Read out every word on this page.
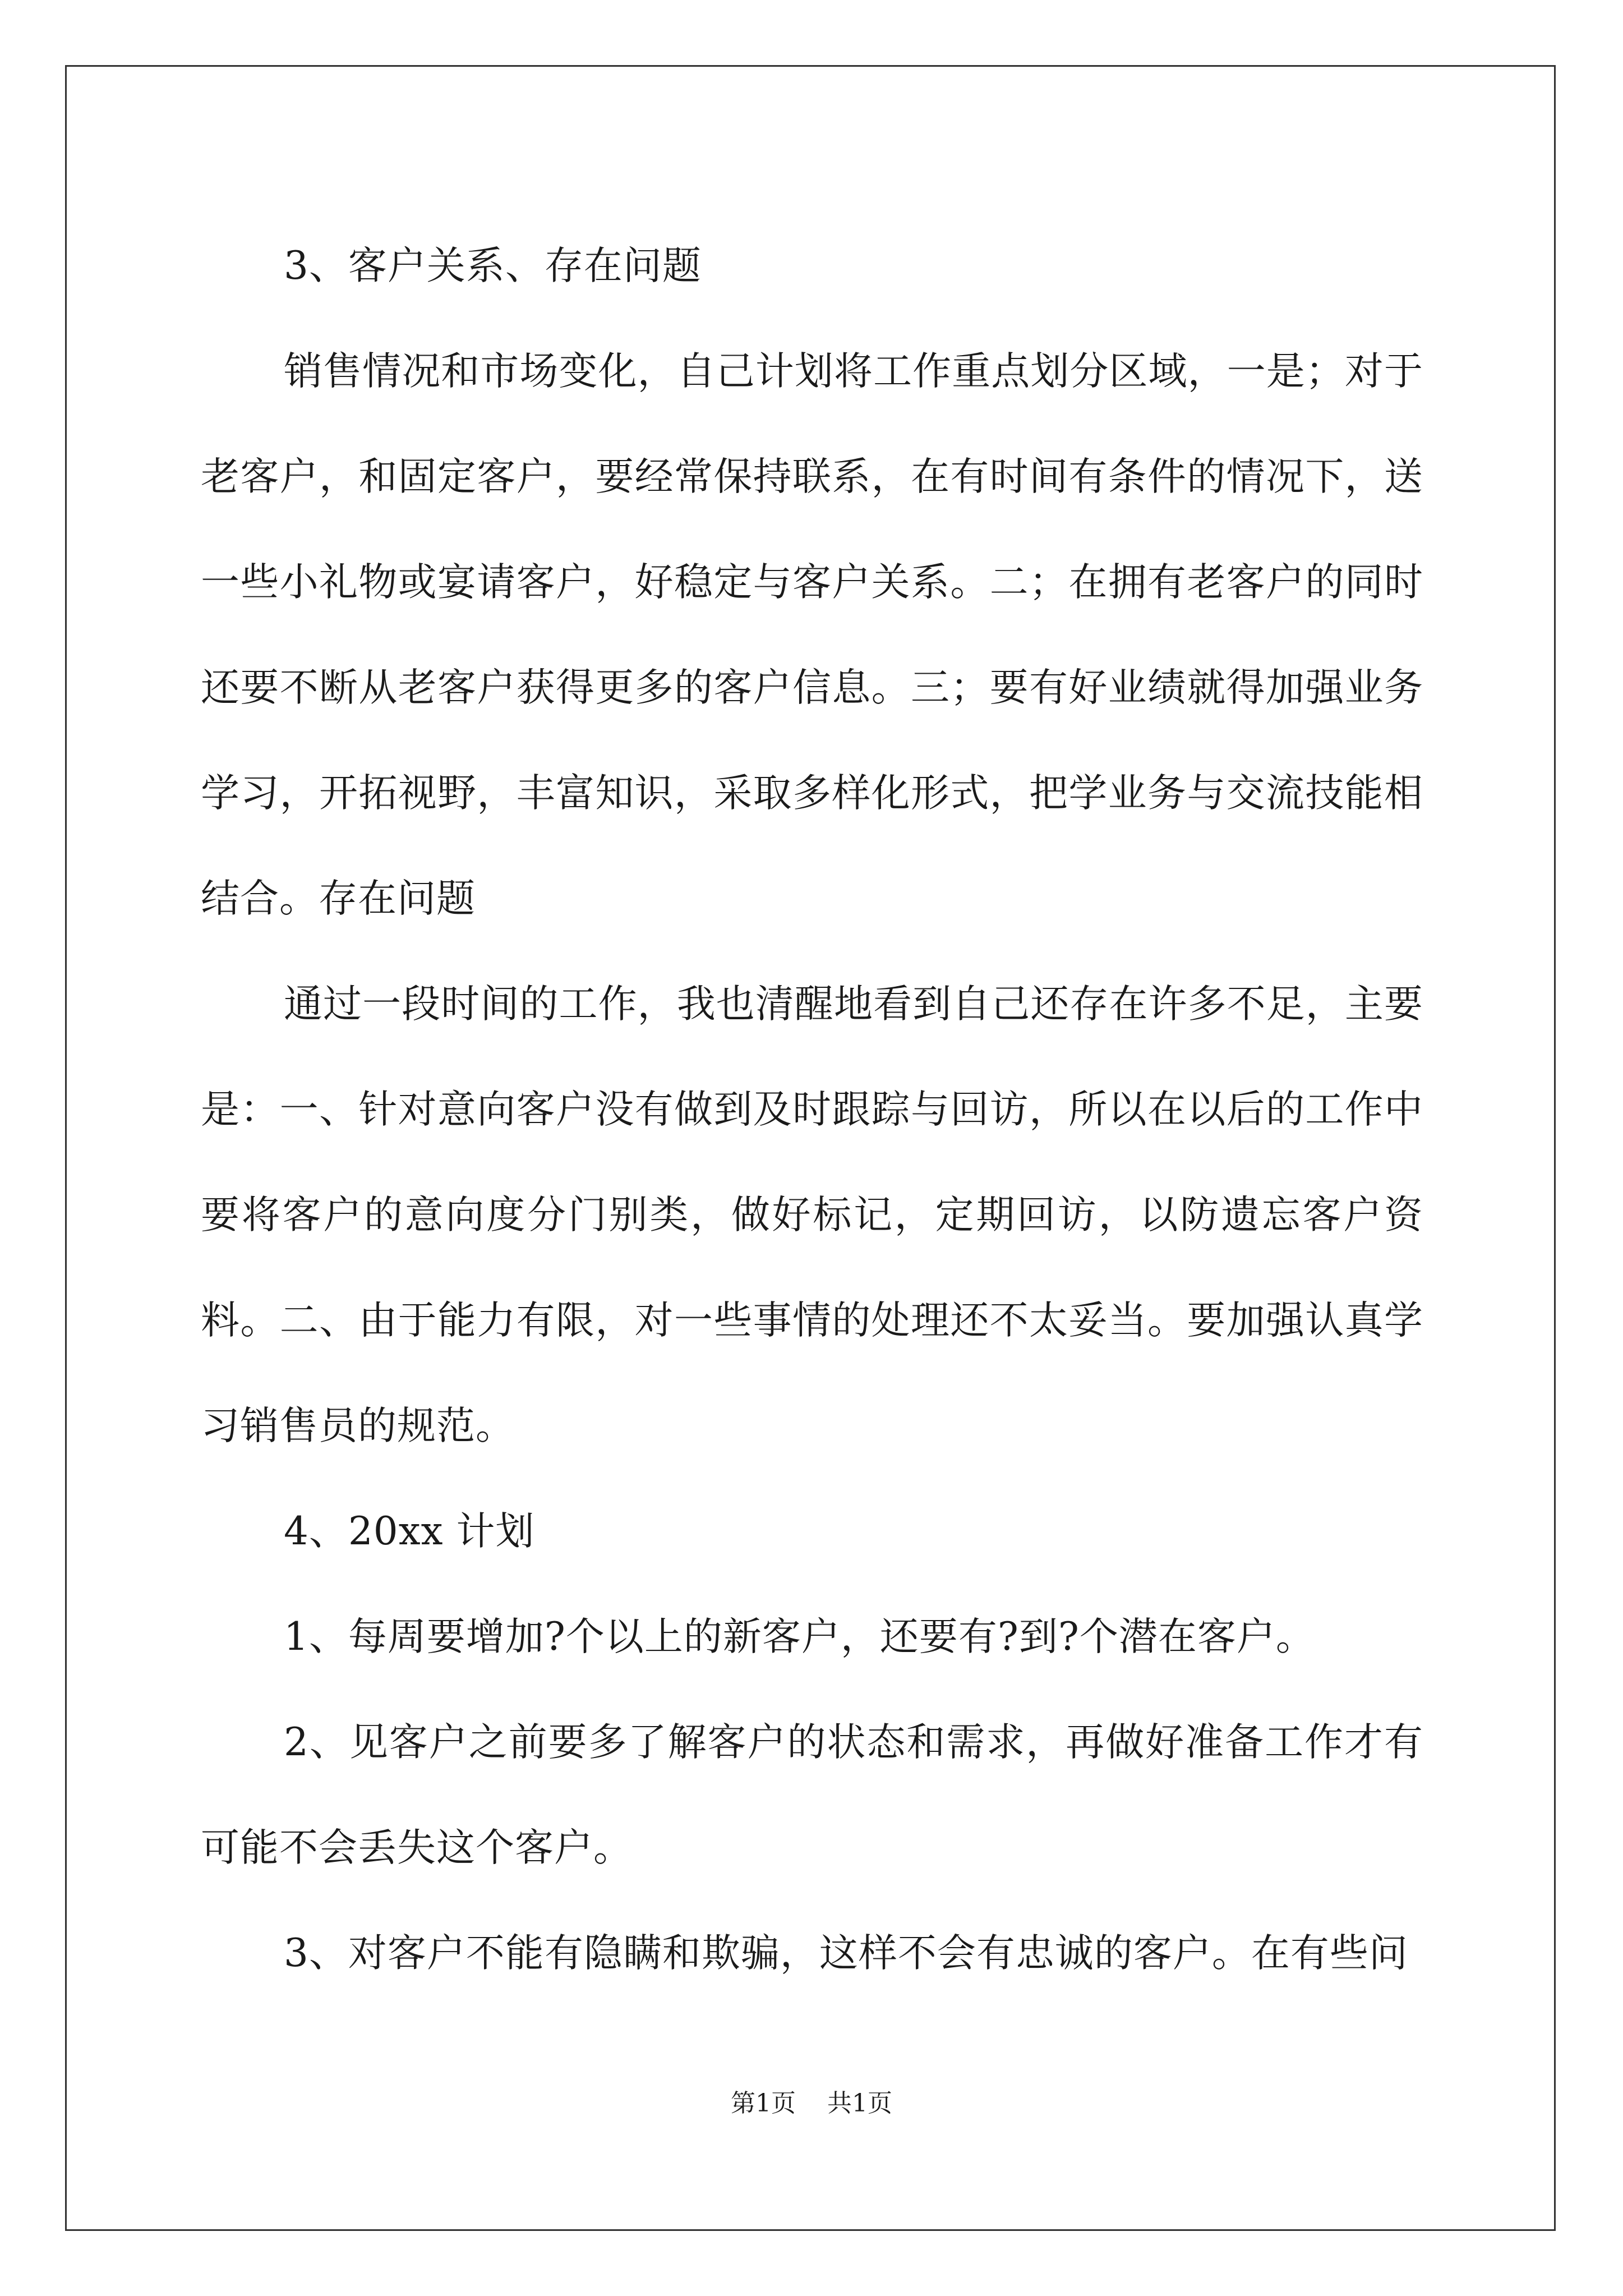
3、客户关系、存在问题

销售情况和市场变化，自己计划将工作重点划分区域，一是；对于老客户，和固定客户，要经常保持联系，在有时间有条件的情况下，送一些小礼物或宴请客户，好稳定与客户关系。二；在拥有老客户的同时还要不断从老客户获得更多的客户信息。三；要有好业绩就得加强业务学习，开拓视野，丰富知识，采取多样化形式，把学业务与交流技能相结合。存在问题

通过一段时间的工作，我也清醒地看到自己还存在许多不足，主要是：一、针对意向客户没有做到及时跟踪与回访，所以在以后的工作中要将客户的意向度分门别类，做好标记，定期回访，以防遗忘客户资料。二、由于能力有限，对一些事情的处理还不太妥当。要加强认真学习销售员的规范。

4、20xx 计划

1、每周要增加?个以上的新客户，还要有?到?个潜在客户。

2、见客户之前要多了解客户的状态和需求，再做好准备工作才有可能不会丢失这个客户。

3、对客户不能有隐瞒和欺骗，这样不会有忠诚的客户。在有些问

第1页 共1页
